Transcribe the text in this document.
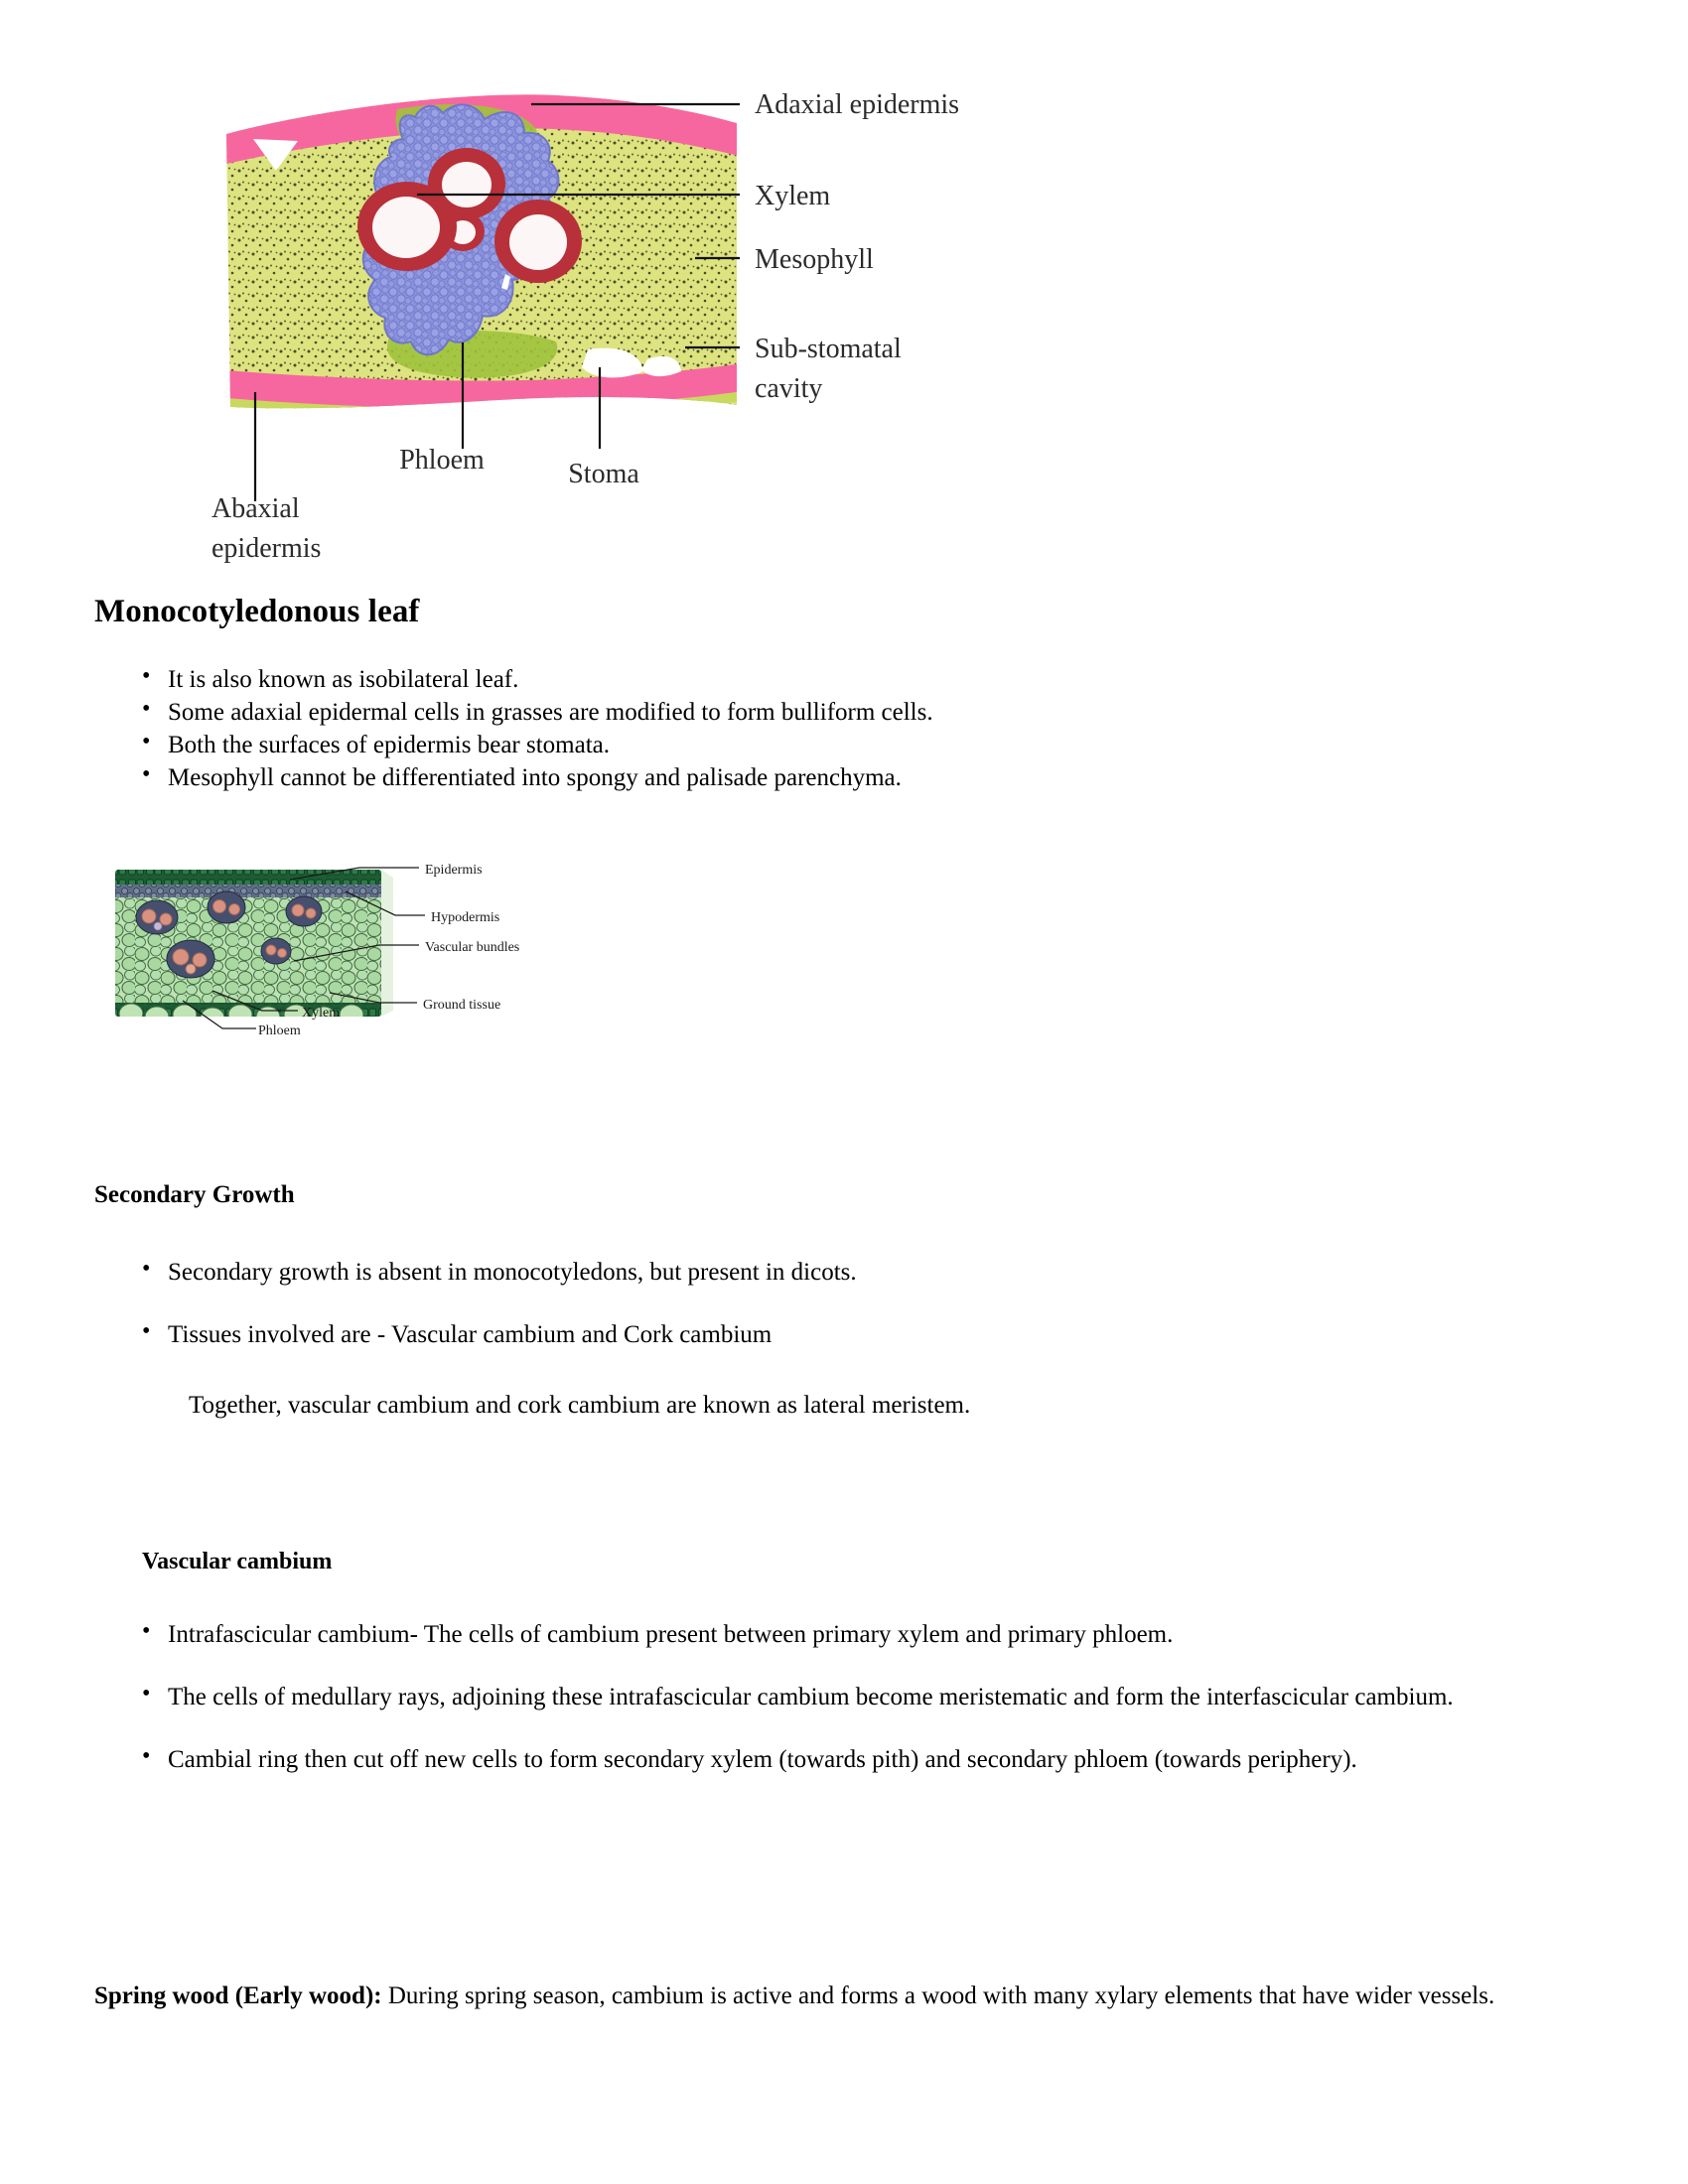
Adaxial epidermis
Xylem
Mesophyll
Sub-stomatal
cavity
Phloem	Stoma
Abaxial
epidermis
Monocotyledonous leaf
• It is also known as isobilateral leaf.
• Some adaxial epidermal cells in grasses are modified to form bulliform cells.
• Both the surfaces of epidermis bear stomata.
• Mesophyll cannot be differentiated into spongy and palisade parenchyma.
Epidermis
Hypodermis
Vascular bundles
Ground tissue
Xylem
Phloem
Secondary Growth
• Secondary growth is absent in monocotyledons, but present in dicots.
• Tissues involved are - Vascular cambium and Cork cambium
Together, vascular cambium and cork cambium are known as lateral meristem.
Vascular cambium
• Intrafascicular cambium- The cells of cambium present between primary xylem and primary phloem.
• The cells of medullary rays, adjoining these intrafascicular cambium become meristematic and form the interfascicular cambium.
• Cambial ring then cut off new cells to form secondary xylem (towards pith) and secondary phloem (towards periphery).
Spring wood (Early wood): During spring season, cambium is active and forms a wood with many xylary elements that have wider vessels.
